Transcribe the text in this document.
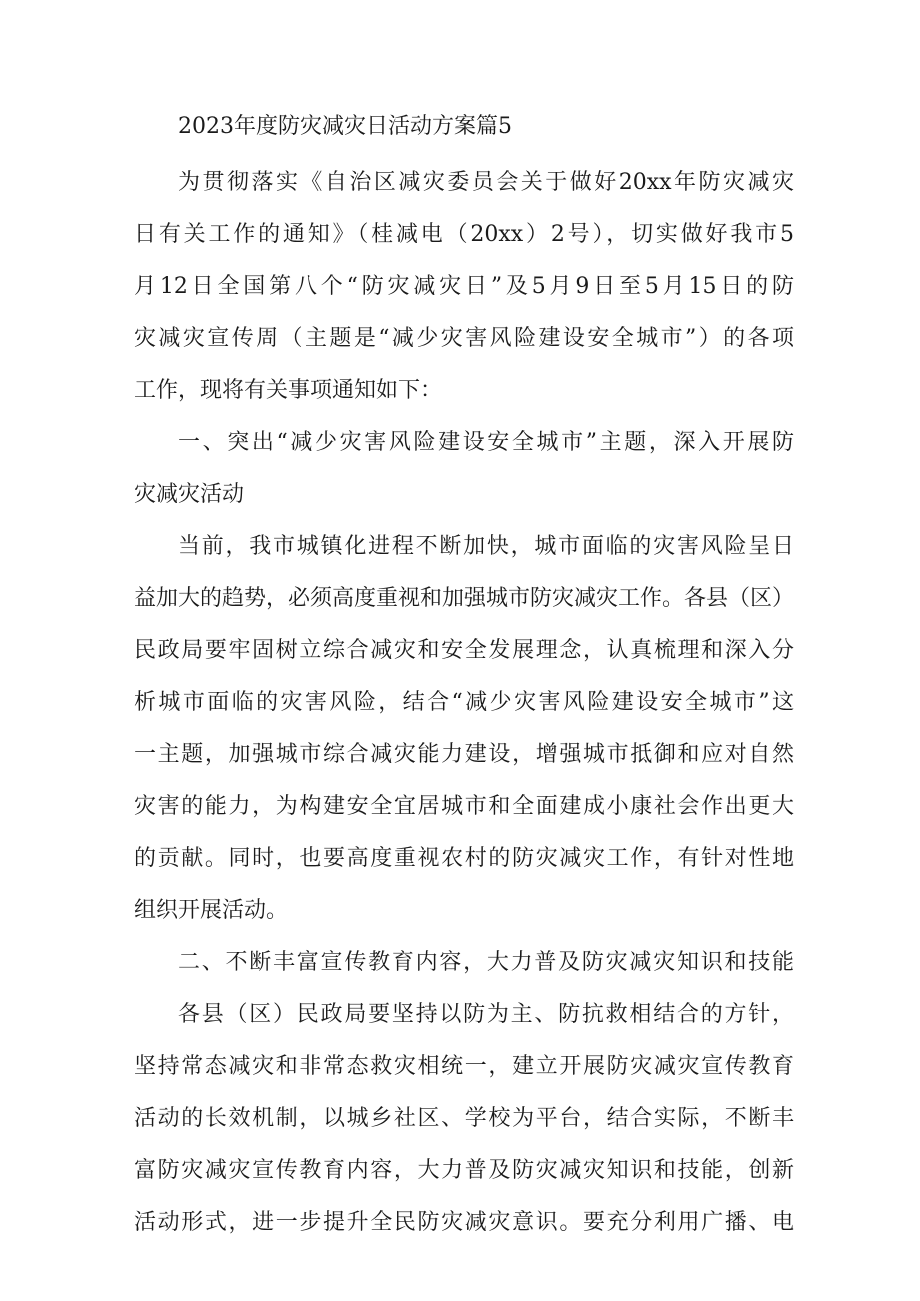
2023年度防灾减灾日活动方案篇5
为贯彻落实《自治区减灾委员会关于做好20xx年防灾减灾
日有关工作的通知》（桂减电（20xx）2号），切实做好我市5
月12日全国第八个“防灾减灾日”及5月9日至5月15日的防
灾减灾宣传周（主题是“减少灾害风险建设安全城市”）的各项
工作，现将有关事项通知如下：
一、突出“减少灾害风险建设安全城市”主题，深入开展防
灾减灾活动
当前，我市城镇化进程不断加快，城市面临的灾害风险呈日
益加大的趋势，必须高度重视和加强城市防灾减灾工作。各县（区）
民政局要牢固树立综合减灾和安全发展理念，认真梳理和深入分
析城市面临的灾害风险，结合“减少灾害风险建设安全城市”这
一主题，加强城市综合减灾能力建设，增强城市抵御和应对自然
灾害的能力，为构建安全宜居城市和全面建成小康社会作出更大
的贡献。同时，也要高度重视农村的防灾减灾工作，有针对性地
组织开展活动。
二、不断丰富宣传教育内容，大力普及防灾减灾知识和技能
各县（区）民政局要坚持以防为主、防抗救相结合的方针，
坚持常态减灾和非常态救灾相统一，建立开展防灾减灾宣传教育
活动的长效机制，以城乡社区、学校为平台，结合实际，不断丰
富防灾减灾宣传教育内容，大力普及防灾减灾知识和技能，创新
活动形式，进一步提升全民防灾减灾意识。要充分利用广播、电
